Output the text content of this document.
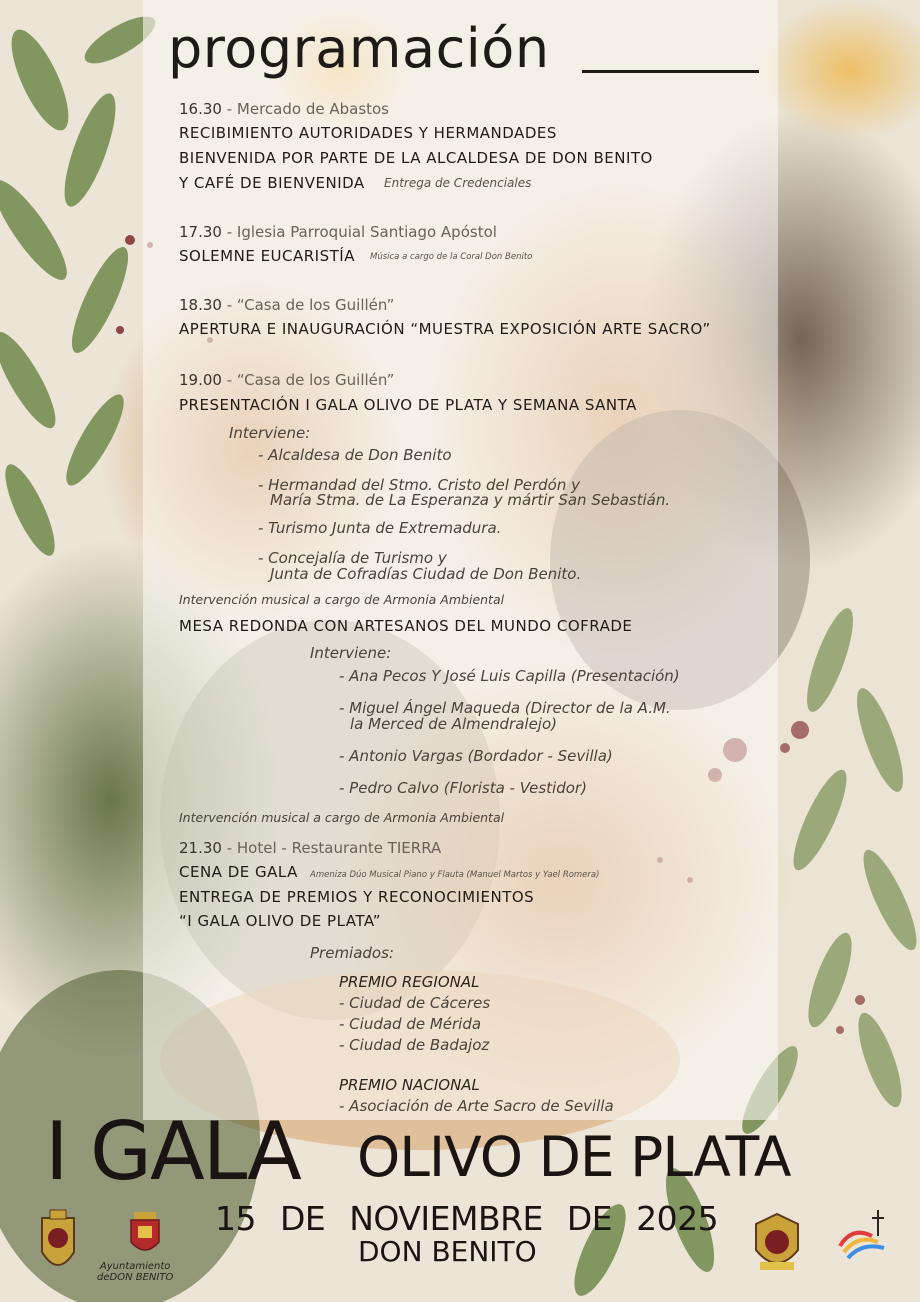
programación
16.30 - Mercado de Abastos
RECIBIMIENTO AUTORIDADES Y HERMANDADES
BIENVENIDA POR PARTE DE LA ALCALDESA DE DON BENITO
Y CAFÉ DE BIENVENIDA Entrega de Credenciales
17.30 - Iglesia Parroquial Santiago Apóstol
SOLEMNE EUCARISTÍA Música a cargo de la Coral Don Benito
18.30 - “Casa de los Guillén”
APERTURA E INAUGURACIÓN “MUESTRA EXPOSICIÓN ARTE SACRO”
19.00 - “Casa de los Guillén”
PRESENTACIÓN I GALA OLIVO DE PLATA Y SEMANA SANTA
Interviene:
- Alcaldesa de Don Benito
- Hermandad del Stmo. Cristo del Perdón y
María Stma. de La Esperanza y mártir San Sebastián.
- Turismo Junta de Extremadura.
- Concejalía de Turismo y
Junta de Cofradías Ciudad de Don Benito.
Intervención musical a cargo de Armonia Ambiental
MESA REDONDA CON ARTESANOS DEL MUNDO COFRADE
Interviene:
- Ana Pecos Y José Luis Capilla (Presentación)
- Miguel Ángel Maqueda (Director de la A.M.
la Merced de Almendralejo)
- Antonio Vargas (Bordador - Sevilla)
- Pedro Calvo (Florista - Vestidor)
Intervención musical a cargo de Armonia Ambiental
21.30 - Hotel - Restaurante TIERRA
CENA DE GALA Ameniza Dúo Musical Piano y Flauta (Manuel Martos y Yael Romera)
ENTREGA DE PREMIOS Y RECONOCIMIENTOS
“I GALA OLIVO DE PLATA”
Premiados:
PREMIO REGIONAL
- Ciudad de Cáceres
- Ciudad de Mérida
- Ciudad de Badajoz
PREMIO NACIONAL
- Asociación de Arte Sacro de Sevilla
I GALA OLIVO DE PLATA
15 DE NOVIEMBRE DE 2025
DON BENITO
Ayuntamiento
deDON BENITO
